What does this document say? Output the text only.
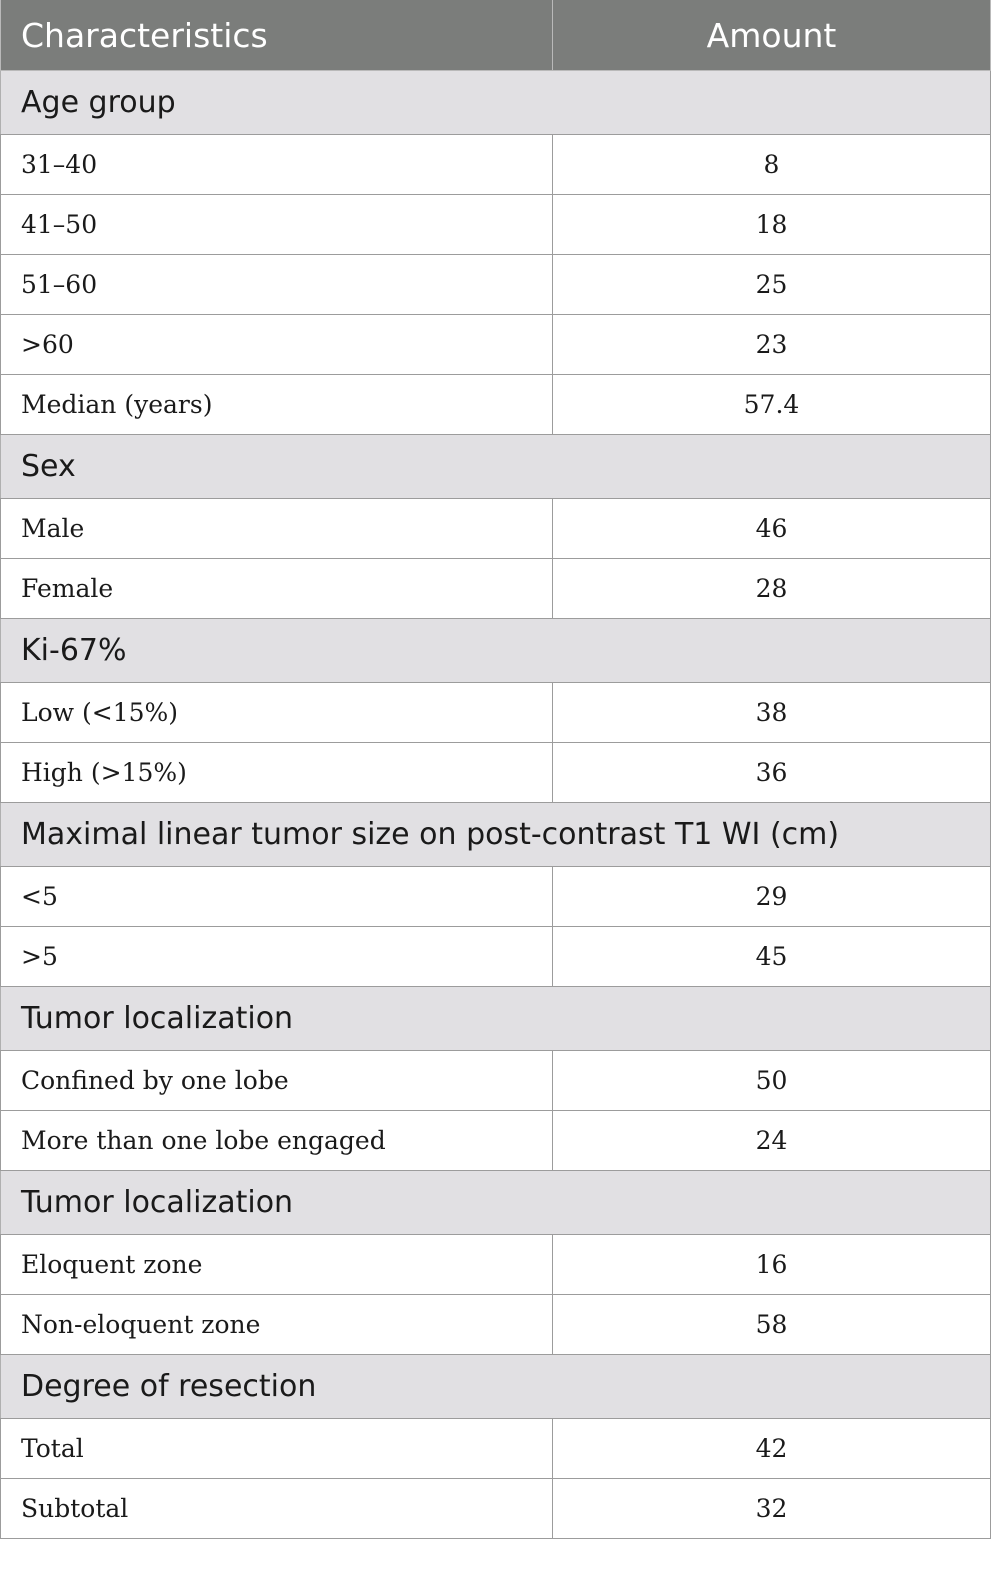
Characteristics	Amount
Age group	
31–40	8
41–50	18
51–60	25
>60	23
Median (years)	57.4
Sex	
Male	46
Female	28
Ki-67%	
Low (<15%)	38
High (>15%)	36
Maximal linear tumor size on post-contrast T1 WI (cm)	
<5	29
>5	45
Tumor localization	
Confined by one lobe	50
More than one lobe engaged	24
Tumor localization	
Eloquent zone	16
Non-eloquent zone	58
Degree of resection	
Total	42
Subtotal	32
